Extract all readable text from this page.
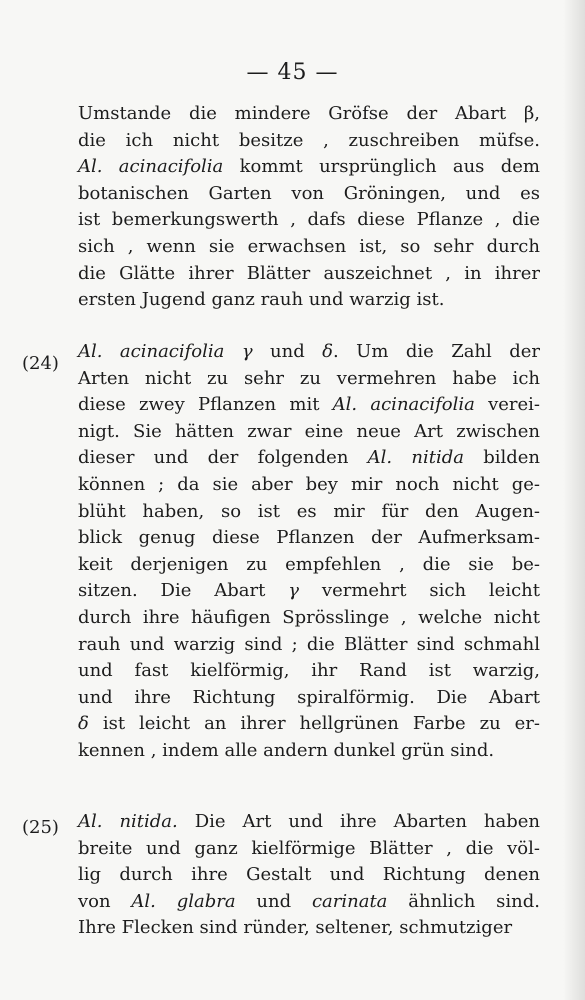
— 45 —
Umstande die mindere Gröfse der Abart β,
die ich nicht besitze , zuschreiben müfse.
Al. acinacifolia kommt ursprünglich aus dem
botanischen Garten von Gröningen, und es
ist bemerkungswerth , dafs diese Pflanze , die
sich , wenn sie erwachsen ist, so sehr durch
die Glätte ihrer Blätter auszeichnet , in ihrer
ersten Jugend ganz rauh und warzig ist.
(24)
Al. acinacifolia γ und δ. Um die Zahl der
Arten nicht zu sehr zu vermehren habe ich
diese zwey Pflanzen mit Al. acinacifolia verei-
nigt. Sie hätten zwar eine neue Art zwischen
dieser und der folgenden Al. nitida bilden
können ; da sie aber bey mir noch nicht ge-
blüht haben, so ist es mir für den Augen-
blick genug diese Pflanzen der Aufmerksam-
keit derjenigen zu empfehlen , die sie be-
sitzen. Die Abart γ vermehrt sich leicht
durch ihre häufigen Sprösslinge , welche nicht
rauh und warzig sind ; die Blätter sind schmahl
und fast kielförmig, ihr Rand ist warzig,
und ihre Richtung spiralförmig. Die Abart
δ ist leicht an ihrer hellgrünen Farbe zu er-
kennen , indem alle andern dunkel grün sind.
(25) Al. nitida. Die Art und ihre Abarten haben
breite und ganz kielförmige Blätter , die völ-
lig durch ihre Gestalt und Richtung denen
von Al. glabra und carinata ähnlich sind.
Ihre Flecken sind ründer, seltener, schmutziger
